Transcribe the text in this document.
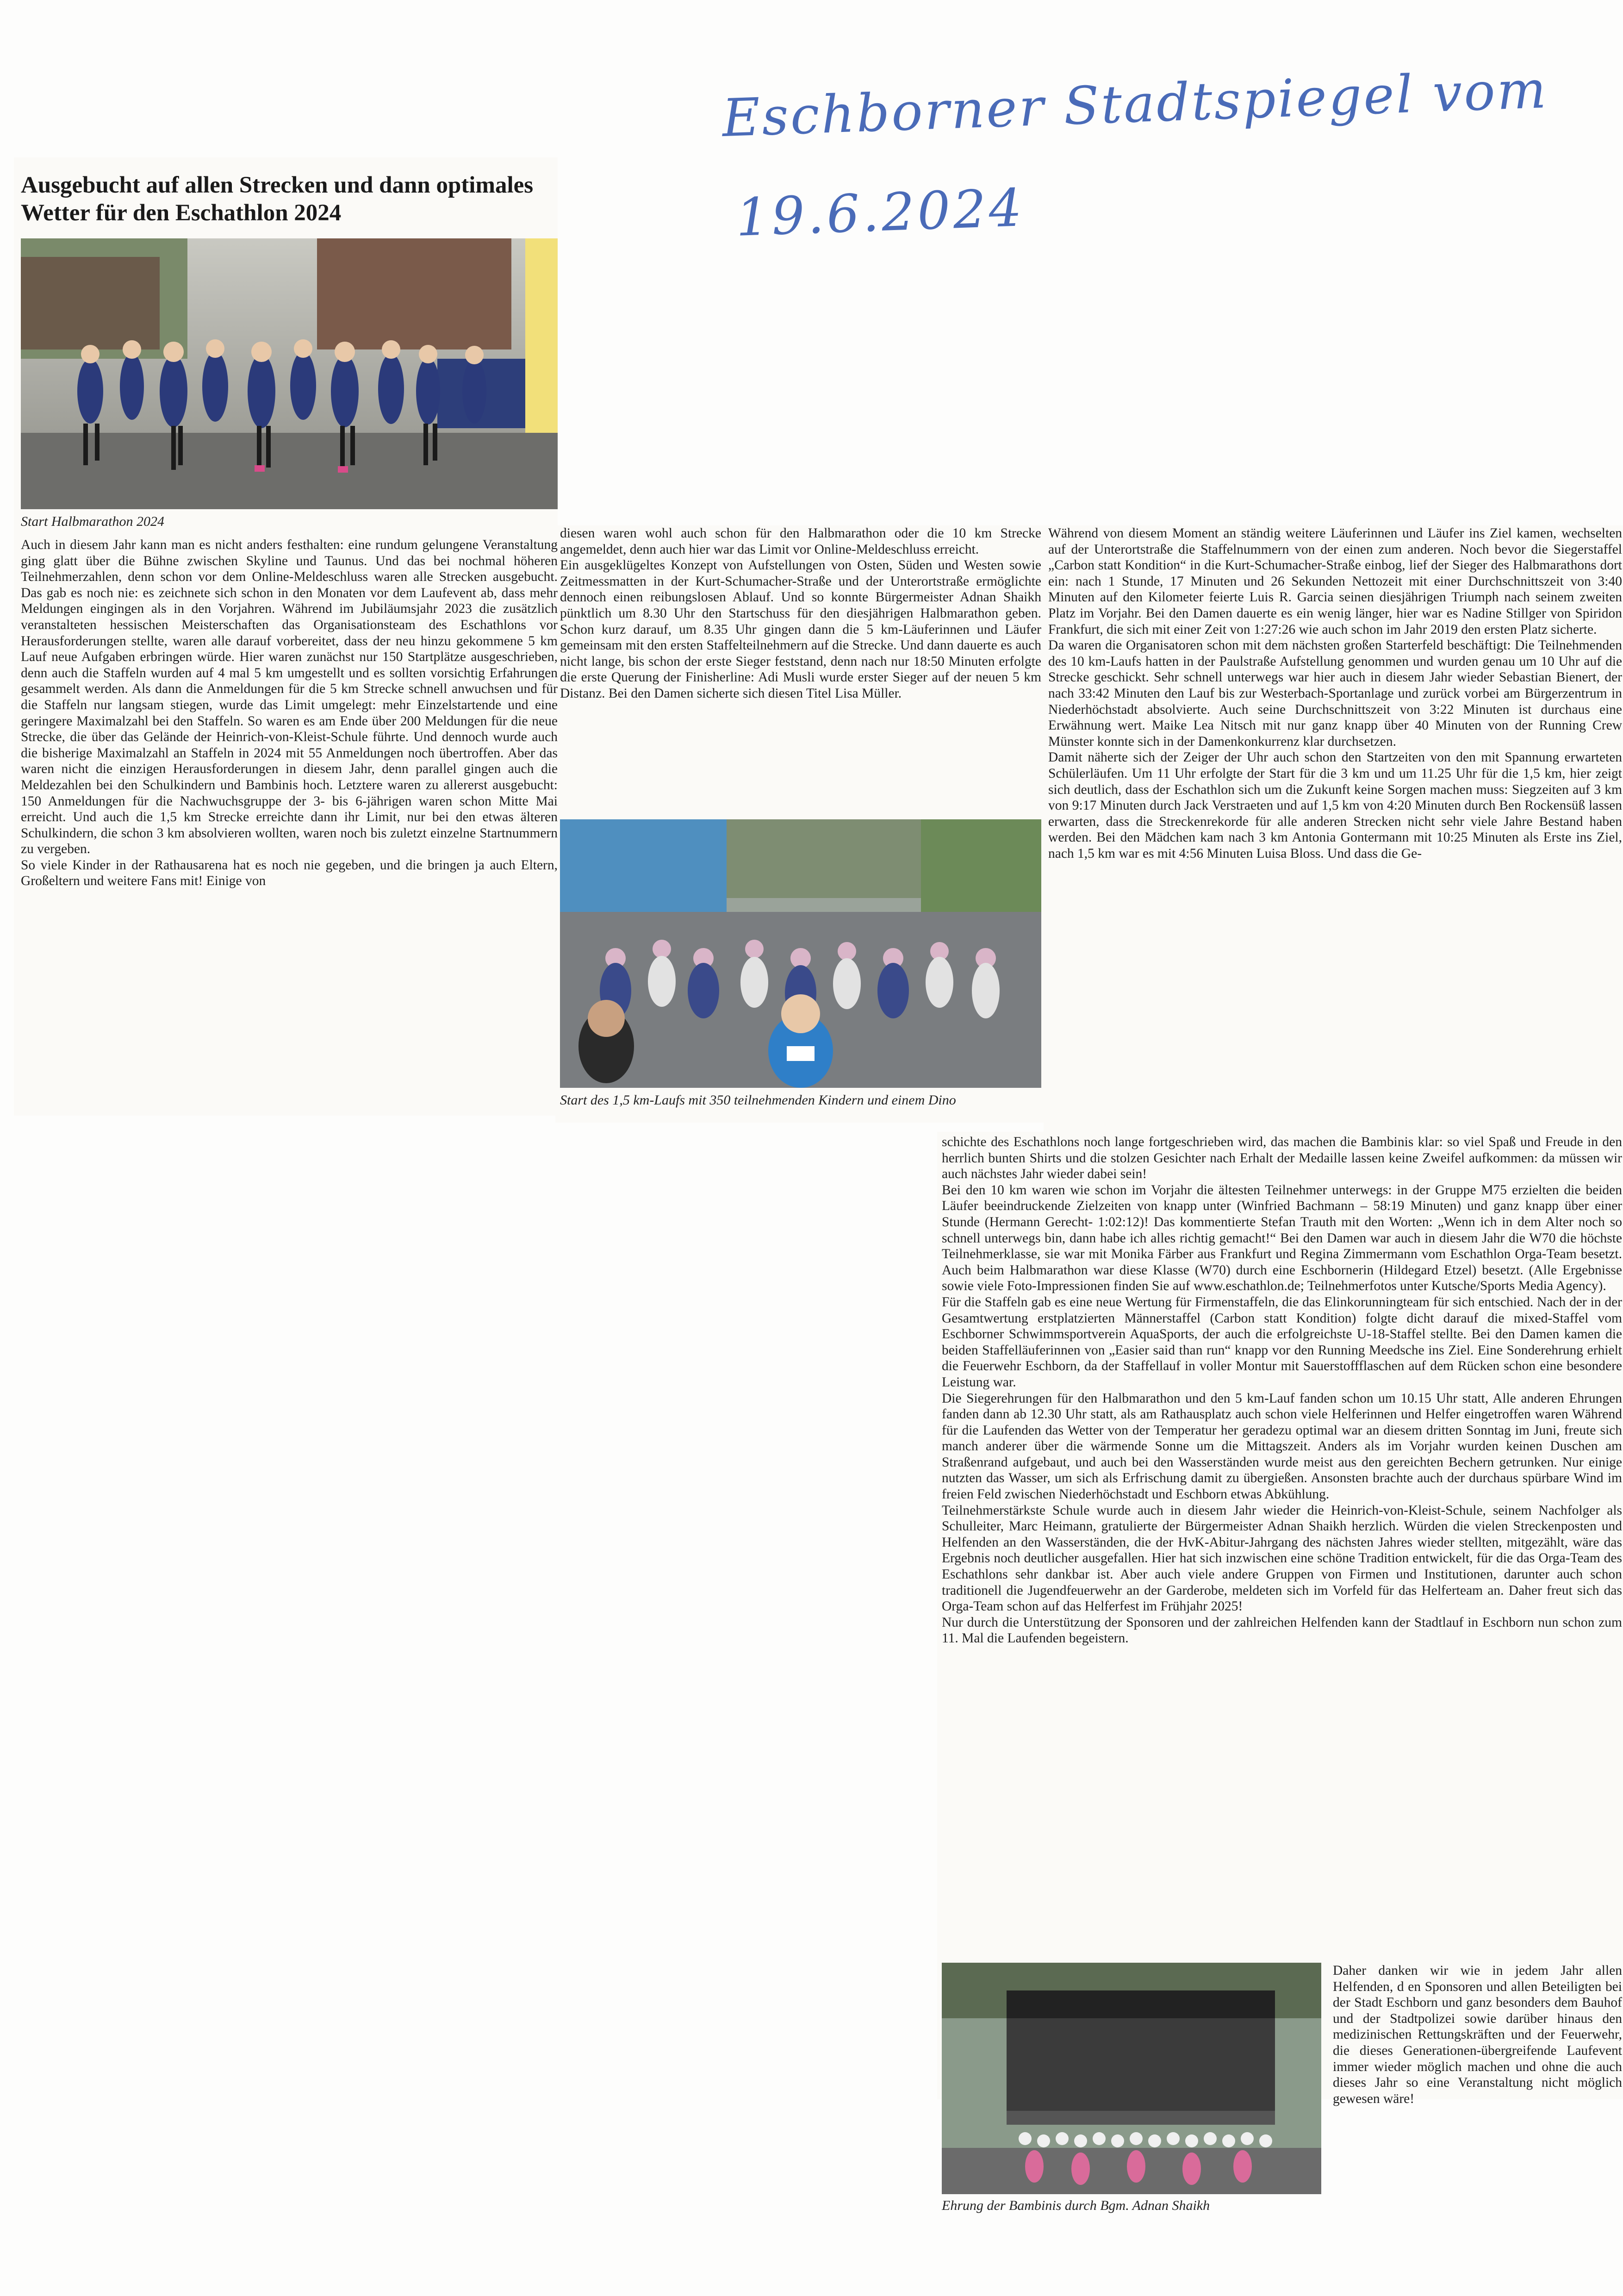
Eschborner Stadtspiegel vom
19.6.2024
Ausgebucht auf allen Strecken und dann optimales Wetter für den Eschathlon 2024

Start Halbmarathon 2024

Auch in diesem Jahr kann man es nicht anders festhalten: eine rundum gelungene Veranstaltung ging glatt über die Bühne zwischen Skyline und Taunus. Und das bei nochmal höheren Teilnehmerzahlen, denn schon vor dem Online-Meldeschluss waren alle Strecken ausgebucht. Das gab es noch nie: es zeichnete sich schon in den Monaten vor dem Laufevent ab, dass mehr Meldungen eingingen als in den Vorjahren. Während im Jubiläumsjahr 2023 die zusätzlich veranstalteten hessischen Meisterschaften das Organisationsteam des Eschathlons vor Herausforderungen stellte, waren alle darauf vorbereitet, dass der neu hinzu gekommene 5 km Lauf neue Aufgaben erbringen würde. Hier waren zunächst nur 150 Startplätze ausgeschrieben, denn auch die Staffeln wurden auf 4 mal 5 km umgestellt und es sollten vorsichtig Erfahrungen gesammelt werden. Als dann die Anmeldungen für die 5 km Strecke schnell anwuchsen und für die Staffeln nur langsam stiegen, wurde das Limit umgelegt: mehr Einzelstartende und eine geringere Maximalzahl bei den Staffeln. So waren es am Ende über 200 Meldungen für die neue Strecke, die über das Gelände der Heinrich-von-Kleist-Schule führte. Und dennoch wurde auch die bisherige Maximalzahl an Staffeln in 2024 mit 55 Anmeldungen noch übertroffen. Aber das waren nicht die einzigen Herausforderungen in diesem Jahr, denn parallel gingen auch die Meldezahlen bei den Schulkindern und Bambinis hoch. Letztere waren zu allererst ausgebucht: 150 Anmeldungen für die Nachwuchsgruppe der 3- bis 6-jährigen waren schon Mitte Mai erreicht. Und auch die 1,5 km Strecke erreichte dann ihr Limit, nur bei den etwas älteren Schulkindern, die schon 3 km absolvieren wollten, waren noch bis zuletzt einzelne Startnummern zu vergeben.

So viele Kinder in der Rathausarena hat es noch nie gegeben, und die bringen ja auch Eltern, Großeltern und weitere Fans mit! Einige von

diesen waren wohl auch schon für den Halbmarathon oder die 10 km Strecke angemeldet, denn auch hier war das Limit vor Online-Meldeschluss erreicht.

Ein ausgeklügeltes Konzept von Aufstellungen von Osten, Süden und Westen sowie Zeitmessmatten in der Kurt-Schumacher-Straße und der Unterortstraße ermöglichte dennoch einen reibungslosen Ablauf. Und so konnte Bürgermeister Adnan Shaikh pünktlich um 8.30 Uhr den Startschuss für den diesjährigen Halbmarathon geben. Schon kurz darauf, um 8.35 Uhr gingen dann die 5 km-Läuferinnen und Läufer gemeinsam mit den ersten Staffelteilnehmern auf die Strecke. Und dann dauerte es auch nicht lange, bis schon der erste Sieger feststand, denn nach nur 18:50 Minuten erfolgte die erste Querung der Finisherline: Adi Musli wurde erster Sieger auf der neuen 5 km Distanz. Bei den Damen sicherte sich diesen Titel Lisa Müller.

Start des 1,5 km-Laufs mit 350 teilnehmenden Kindern und einem Dino

Während von diesem Moment an ständig weitere Läuferinnen und Läufer ins Ziel kamen, wechselten auf der Unterortstraße die Staffelnummern von der einen zum anderen. Noch bevor die Siegerstaffel „Carbon statt Kondition“ in die Kurt-Schumacher-Straße einbog, lief der Sieger des Halbmarathons dort ein: nach 1 Stunde, 17 Minuten und 26 Sekunden Nettozeit mit einer Durchschnittszeit von 3:40 Minuten auf den Kilometer feierte Luis R. Garcia seinen diesjährigen Triumph nach seinem zweiten Platz im Vorjahr. Bei den Damen dauerte es ein wenig länger, hier war es Nadine Stillger von Spiridon Frankfurt, die sich mit einer Zeit von 1:27:26 wie auch schon im Jahr 2019 den ersten Platz sicherte.

Da waren die Organisatoren schon mit dem nächsten großen Starterfeld beschäftigt: Die Teilnehmenden des 10 km-Laufs hatten in der Paulstraße Aufstellung genommen und wurden genau um 10 Uhr auf die Strecke geschickt. Sehr schnell unterwegs war hier auch in diesem Jahr wieder Sebastian Bienert, der nach 33:42 Minuten den Lauf bis zur Westerbach-Sportanlage und zurück vorbei am Bürgerzentrum in Niederhöchstadt absolvierte. Auch seine Durchschnittszeit von 3:22 Minuten ist durchaus eine Erwähnung wert. Maike Lea Nitsch mit nur ganz knapp über 40 Minuten von der Running Crew Münster konnte sich in der Damenkonkurrenz klar durchsetzen.

Damit näherte sich der Zeiger der Uhr auch schon den Startzeiten von den mit Spannung erwarteten Schülerläufen. Um 11 Uhr erfolgte der Start für die 3 km und um 11.25 Uhr für die 1,5 km, hier zeigt sich deutlich, dass der Eschathlon sich um die Zukunft keine Sorgen machen muss: Siegzeiten auf 3 km von 9:17 Minuten durch Jack Verstraeten und auf 1,5 km von 4:20 Minuten durch Ben Rockensüß lassen erwarten, dass die Streckenrekorde für alle anderen Strecken nicht sehr viele Jahre Bestand haben werden. Bei den Mädchen kam nach 3 km Antonia Gontermann mit 10:25 Minuten als Erste ins Ziel, nach 1,5 km war es mit 4:56 Minuten Luisa Bloss. Und dass die Ge-

schichte des Eschathlons noch lange fortgeschrieben wird, das machen die Bambinis klar: so viel Spaß und Freude in den herrlich bunten Shirts und die stolzen Gesichter nach Erhalt der Medaille lassen keine Zweifel aufkommen: da müssen wir auch nächstes Jahr wieder dabei sein!

Bei den 10 km waren wie schon im Vorjahr die ältesten Teilnehmer unterwegs: in der Gruppe M75 erzielten die beiden Läufer beeindruckende Zielzeiten von knapp unter (Winfried Bachmann – 58:19 Minuten) und ganz knapp über einer Stunde (Hermann Gerecht- 1:02:12)! Das kommentierte Stefan Trauth mit den Worten: „Wenn ich in dem Alter noch so schnell unterwegs bin, dann habe ich alles richtig gemacht!“ Bei den Damen war auch in diesem Jahr die W70 die höchste Teilnehmerklasse, sie war mit Monika Färber aus Frankfurt und Regina Zimmermann vom Eschathlon Orga-Team besetzt. Auch beim Halbmarathon war diese Klasse (W70) durch eine Eschbornerin (Hildegard Etzel) besetzt. (Alle Ergebnisse sowie viele Foto-Impressionen finden Sie auf www.eschathlon.de; Teilnehmerfotos unter Kutsche/Sports Media Agency).

Für die Staffeln gab es eine neue Wertung für Firmenstaffeln, die das Elinkorunningteam für sich entschied. Nach der in der Gesamtwertung erstplatzierten Männerstaffel (Carbon statt Kondition) folgte dicht darauf die mixed-Staffel vom Eschborner Schwimmsportverein AquaSports, der auch die erfolgreichste U-18-Staffel stellte. Bei den Damen kamen die beiden Staffelläuferinnen von „Easier said than run“ knapp vor den Running Meedsche ins Ziel. Eine Sonderehrung erhielt die Feuerwehr Eschborn, da der Staffellauf in voller Montur mit Sauerstoffflaschen auf dem Rücken schon eine besondere Leistung war.

Die Siegerehrungen für den Halbmarathon und den 5 km-Lauf fanden schon um 10.15 Uhr statt, Alle anderen Ehrungen fanden dann ab 12.30 Uhr statt, als am Rathausplatz auch schon viele Helferinnen und Helfer eingetroffen waren Während für die Laufenden das Wetter von der Temperatur her geradezu optimal war an diesem dritten Sonntag im Juni, freute sich manch anderer über die wärmende Sonne um die Mittagszeit. Anders als im Vorjahr wurden keinen Duschen am Straßenrand aufgebaut, und auch bei den Wasserständen wurde meist aus den gereichten Bechern getrunken. Nur einige nutzten das Wasser, um sich als Erfrischung damit zu übergießen. Ansonsten brachte auch der durchaus spürbare Wind im freien Feld zwischen Niederhöchstadt und Eschborn etwas Abkühlung.

Teilnehmerstärkste Schule wurde auch in diesem Jahr wieder die Heinrich-von-Kleist-Schule, seinem Nachfolger als Schulleiter, Marc Heimann, gratulierte der Bürgermeister Adnan Shaikh herzlich. Würden die vielen Streckenposten und Helfenden an den Wasserständen, die der HvK-Abitur-Jahrgang des nächsten Jahres wieder stellten, mitgezählt, wäre das Ergebnis noch deutlicher ausgefallen. Hier hat sich inzwischen eine schöne Tradition entwickelt, für die das Orga-Team des Eschathlons sehr dankbar ist. Aber auch viele andere Gruppen von Firmen und Institutionen, darunter auch schon traditionell die Jugendfeuerwehr an der Garderobe, meldeten sich im Vorfeld für das Helferteam an. Daher freut sich das Orga-Team schon auf das Helferfest im Frühjahr 2025!

Nur durch die Unterstützung der Sponsoren und der zahlreichen Helfenden kann der Stadtlauf in Eschborn nun schon zum 11. Mal die Laufenden begeistern.

Ehrung der Bambinis durch Bgm. Adnan Shaikh

Daher danken wir wie in jedem Jahr allen Helfenden, d en Sponsoren und allen Beteiligten bei der Stadt Eschborn und ganz besonders dem Bauhof und der Stadtpolizei sowie darüber hinaus den medizinischen Rettungskräften und der Feuerwehr, die dieses Generationen-übergreifende Laufevent immer wieder möglich machen und ohne die auch dieses Jahr so eine Veranstaltung nicht möglich gewesen wäre!
